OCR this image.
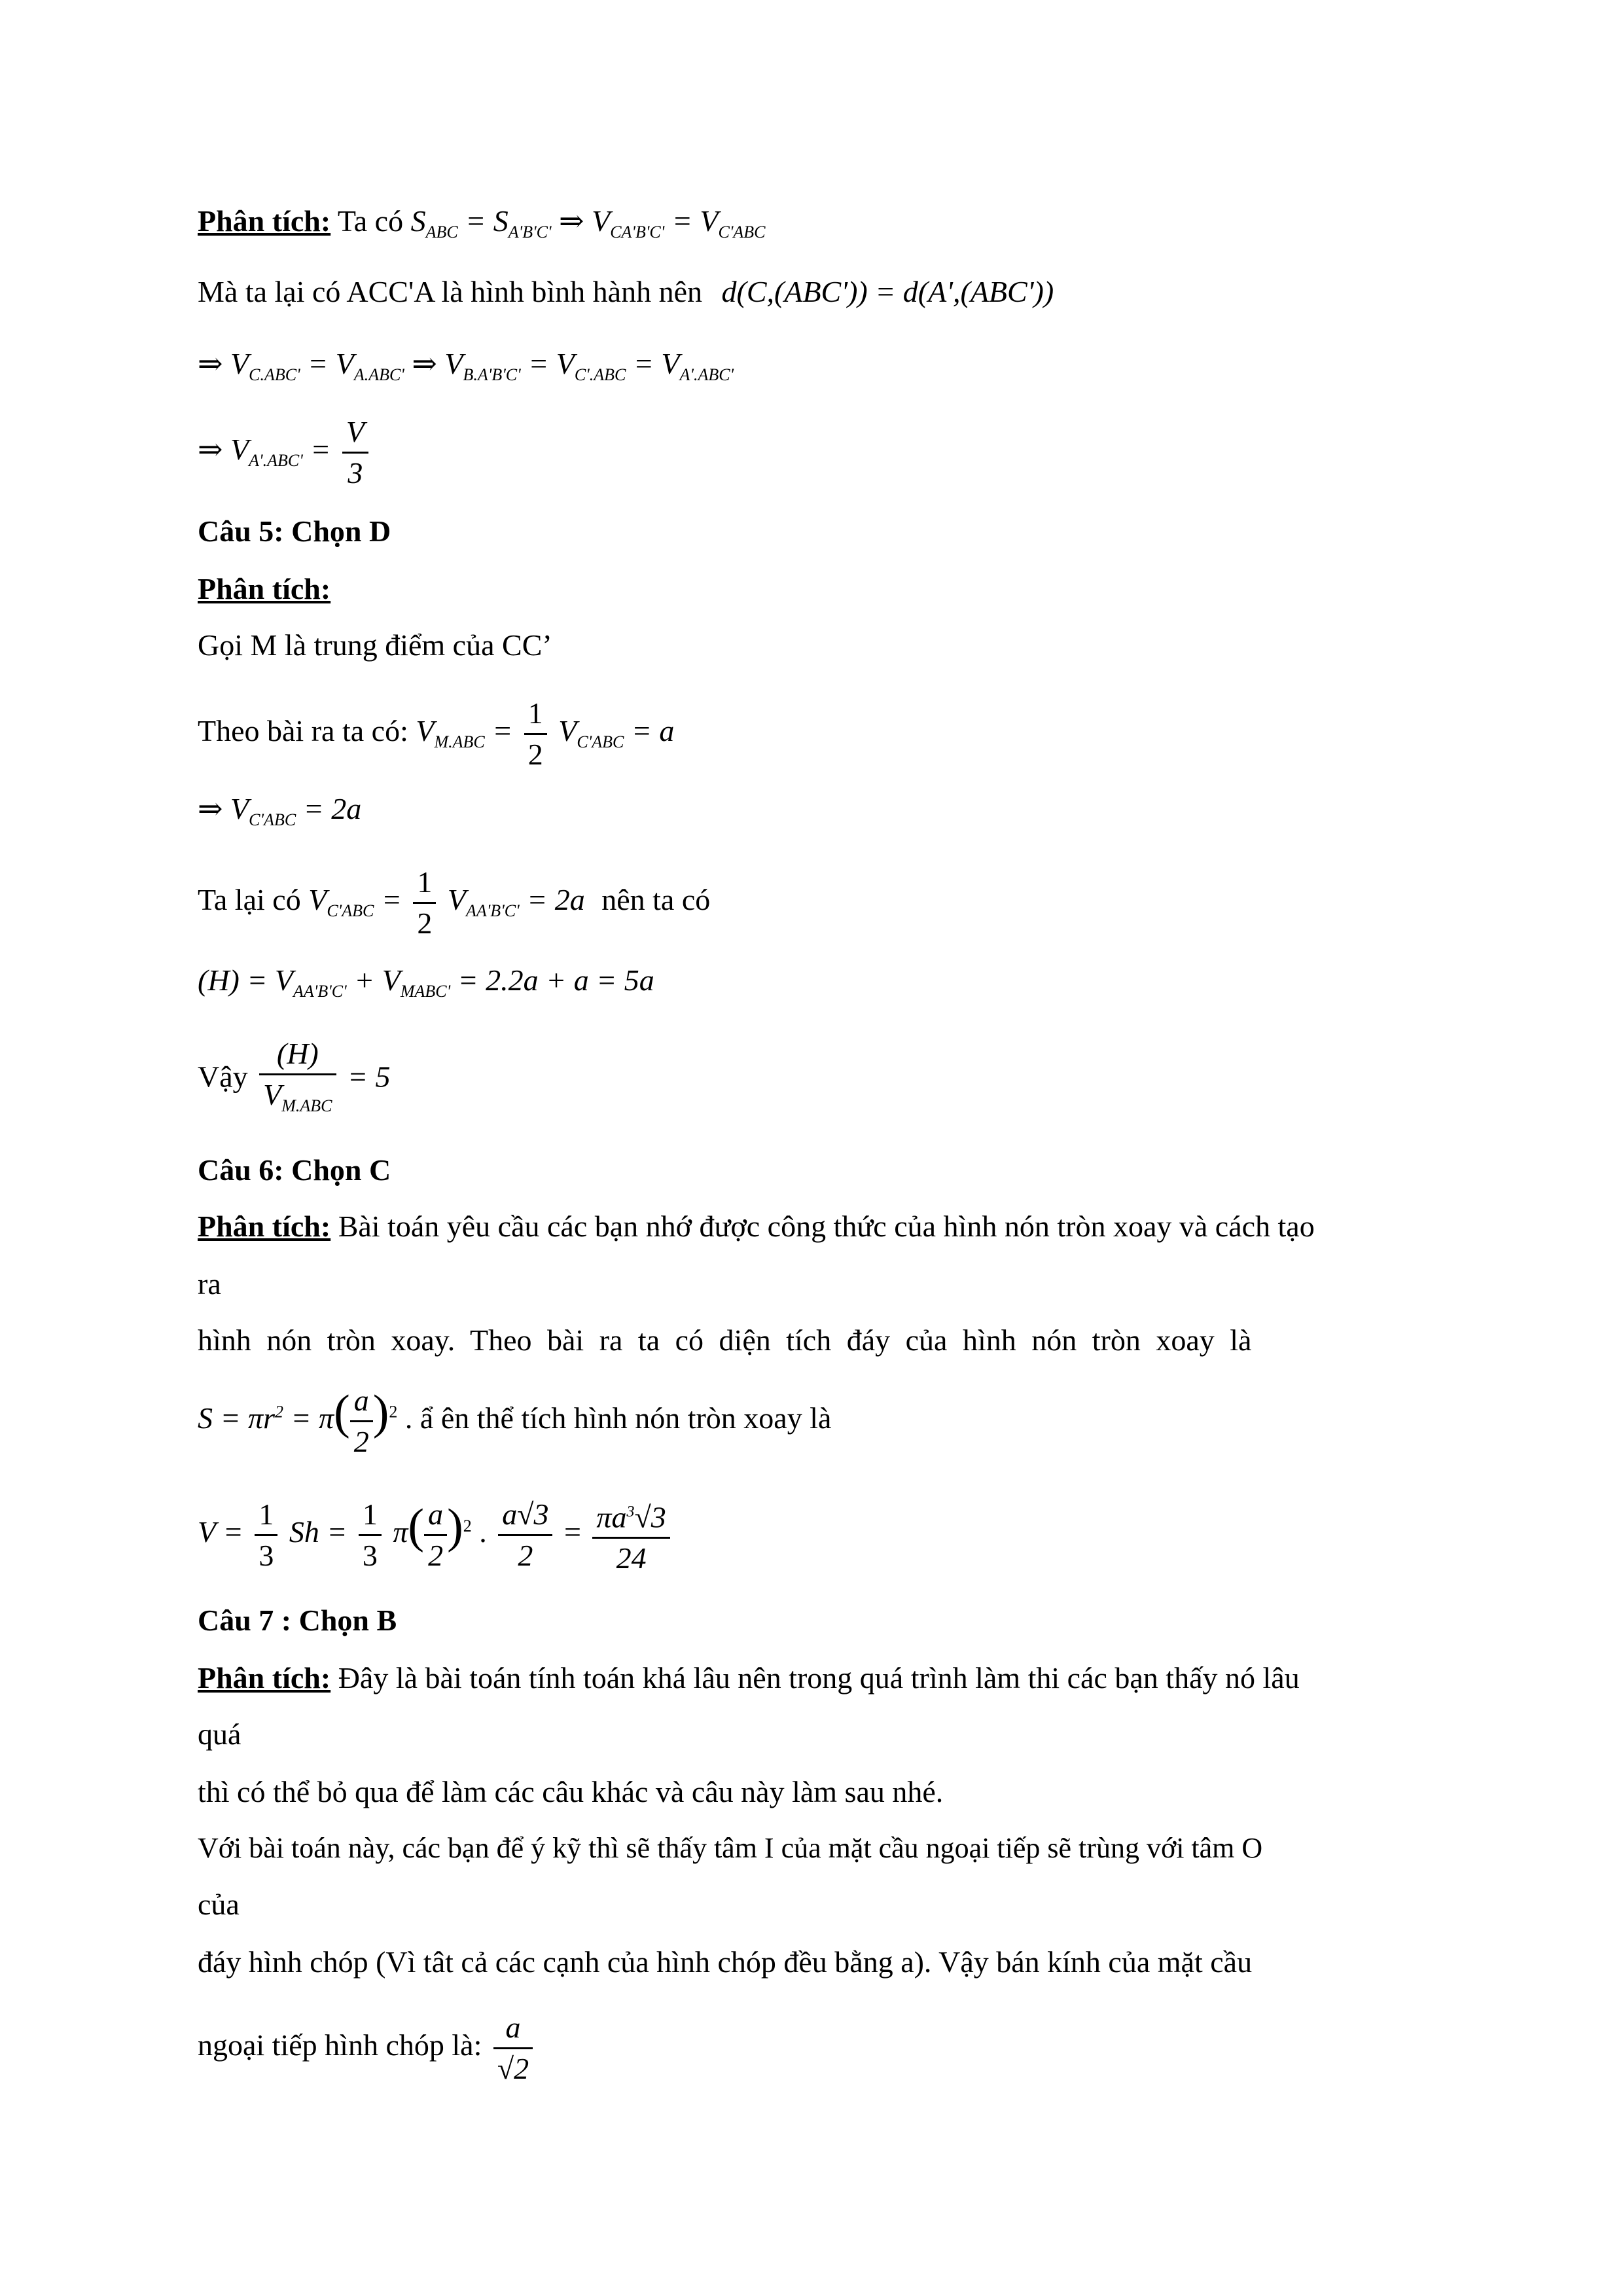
Phân tích: Ta có $S_{ABC} = S_{A'B'C'}$ ⇒ $V_{CA'B'C'} = V_{C'ABC}$
Mà ta lại có ACC'A là hình bình hành nên d(C,(ABC')) = d(A',(ABC'))
⇒ $V_{C.ABC'} = V_{A.ABC'}$ ⇒ $V_{B.A'B'C'} = V_{C'.ABC} = V_{A'.ABC'}$
⇒ $V_{A'.ABC'} = \frac{V}{3}$
Câu 5: Chọn D
Phân tích:
Gọi M là trung điểm của CC’
Theo bài ra ta có: $V_{M.ABC} = \frac{1}{2} V_{C'ABC} = a$
⇒ $V_{C'ABC} = 2a$
Ta lại có $V_{C'ABC} = \frac{1}{2} V_{AA'B'C'} = 2a$ nên ta có
$(H) = V_{AA'B'C'} + V_{MABC'} = 2.2a + a = 5a$
Vậy $\frac{(H)}{V_{M.ABC}} = 5$
Câu 6: Chọn C
Phân tích: Bài toán yêu cầu các bạn nhớ được công thức của hình nón tròn xoay và cách tạo
ra
hình nón tròn xoay. Theo bài ra ta có diện tích đáy của hình nón tròn xoay là
$S = \pi r^2 = \pi( \frac{a}{2} )^2$ . ẩ ên thể tích hình nón tròn xoay là
$V = \frac{1}{3}$ $Sh = \frac{1}{3} \pi( \frac{a}{2} )^2$ . $\frac{a√3}{2} = \frac{\pi a^3√3}{24}$
Câu 7 : Chọn B
Phân tích: Đây là bài toán tính toán khá lâu nên trong quá trình làm thi các bạn thấy nó lâu
quá
thì có thể bỏ qua để làm các câu khác và câu này làm sau nhé.
Với bài toán này, các bạn để ý kỹ thì sẽ thấy tâm I của mặt cầu ngoại tiếp sẽ trùng với tâm O
của
đáy hình chóp (Vì tât cả các cạnh của hình chóp đều bằng a). Vậy bán kính của mặt cầu
ngoại tiếp hình chóp là: $\frac{a}{√2}$
